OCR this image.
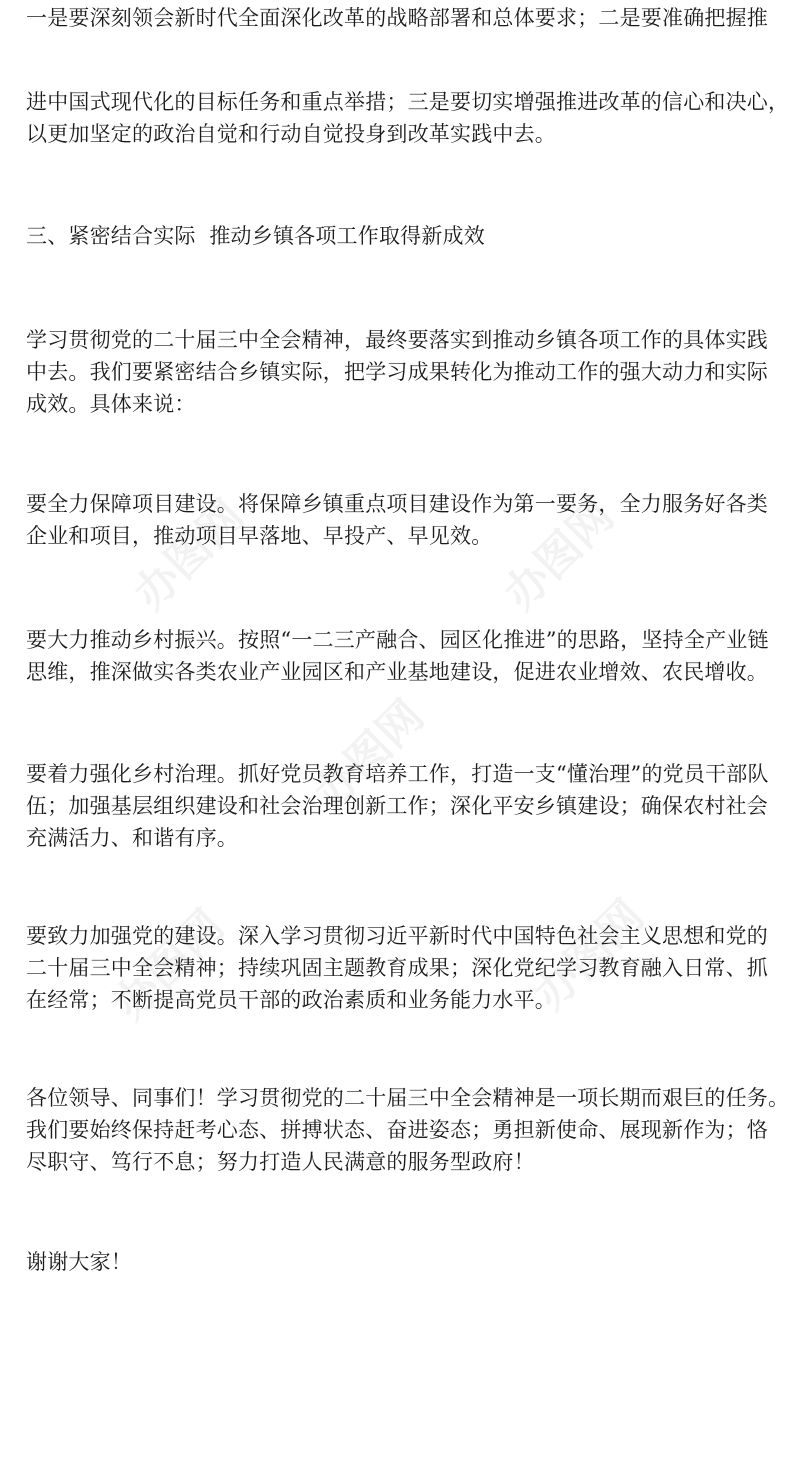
办图网	办图网
办图网
办图网	办图网

一是要深刻领会新时代全面深化改革的战略部署和总体要求；二是要准确把握推

进中国式现代化的目标任务和重点举措；三是要切实增强推进改革的信心和决心，
以更加坚定的政治自觉和行动自觉投身到改革实践中去。

三、紧密结合实际  推动乡镇各项工作取得新成效

学习贯彻党的二十届三中全会精神，最终要落实到推动乡镇各项工作的具体实践
中去。我们要紧密结合乡镇实际，把学习成果转化为推动工作的强大动力和实际
成效。具体来说：

要全力保障项目建设。将保障乡镇重点项目建设作为第一要务，全力服务好各类
企业和项目，推动项目早落地、早投产、早见效。

要大力推动乡村振兴。按照“一二三产融合、园区化推进”的思路，坚持全产业链
思维，推深做实各类农业产业园区和产业基地建设，促进农业增效、农民增收。

要着力强化乡村治理。抓好党员教育培养工作，打造一支“懂治理”的党员干部队
伍；加强基层组织建设和社会治理创新工作；深化平安乡镇建设；确保农村社会
充满活力、和谐有序。

要致力加强党的建设。深入学习贯彻习近平新时代中国特色社会主义思想和党的
二十届三中全会精神；持续巩固主题教育成果；深化党纪学习教育融入日常、抓
在经常；不断提高党员干部的政治素质和业务能力水平。

各位领导、同事们！学习贯彻党的二十届三中全会精神是一项长期而艰巨的任务。
我们要始终保持赶考心态、拼搏状态、奋进姿态；勇担新使命、展现新作为；恪
尽职守、笃行不息；努力打造人民满意的服务型政府！

谢谢大家！
